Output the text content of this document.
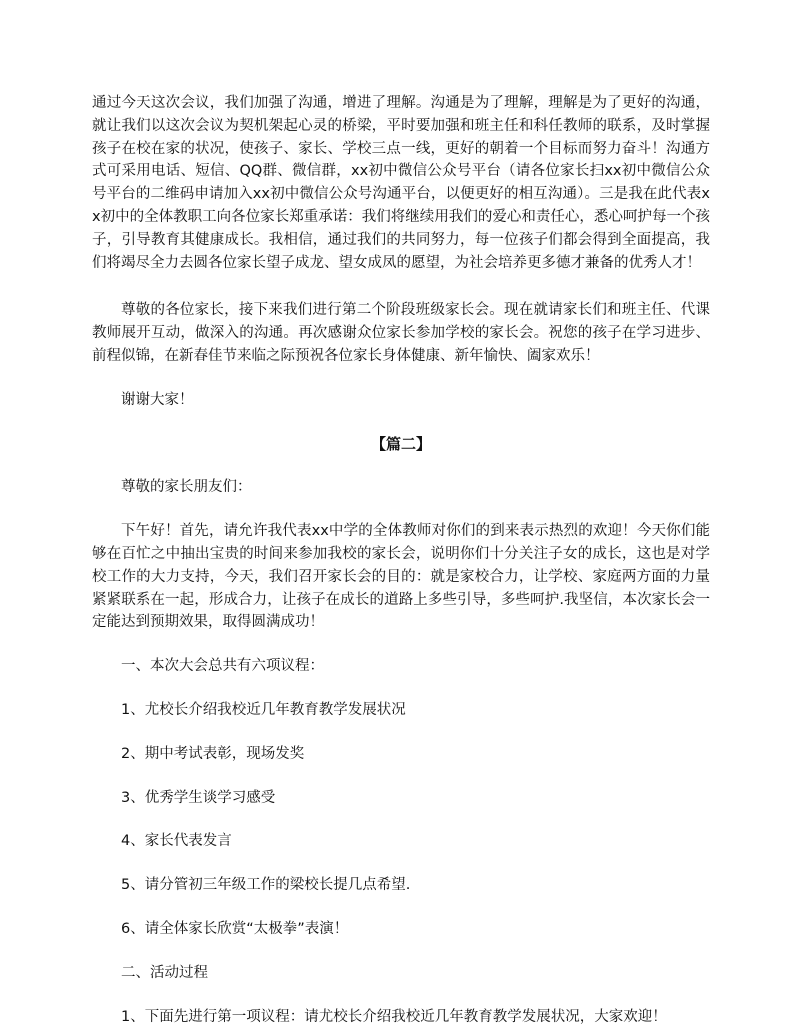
通过今天这次会议，我们加强了沟通，增进了理解。沟通是为了理解，理解是为了更好的沟通，就让我们以这次会议为契机架起心灵的桥梁，平时要加强和班主任和科任教师的联系，及时掌握孩子在校在家的状况，使孩子、家长、学校三点一线，更好的朝着一个目标而努力奋斗！沟通方式可采用电话、短信、QQ群、微信群，xx初中微信公众号平台（请各位家长扫xx初中微信公众号平台的二维码申请加入xx初中微信公众号沟通平台，以便更好的相互沟通）。三是我在此代表xx初中的全体教职工向各位家长郑重承诺：我们将继续用我们的爱心和责任心，悉心呵护每一个孩子，引导教育其健康成长。我相信，通过我们的共同努力，每一位孩子们都会得到全面提高，我们将竭尽全力去圆各位家长望子成龙、望女成凤的愿望，为社会培养更多德才兼备的优秀人才！

尊敬的各位家长，接下来我们进行第二个阶段班级家长会。现在就请家长们和班主任、代课教师展开互动，做深入的沟通。再次感谢众位家长参加学校的家长会。祝您的孩子在学习进步、前程似锦，在新春佳节来临之际预祝各位家长身体健康、新年愉快、阖家欢乐！

谢谢大家！

【篇二】

尊敬的家长朋友们：

下午好！首先，请允许我代表xx中学的全体教师对你们的到来表示热烈的欢迎！今天你们能够在百忙之中抽出宝贵的时间来参加我校的家长会，说明你们十分关注子女的成长，这也是对学校工作的大力支持，今天，我们召开家长会的目的：就是家校合力，让学校、家庭两方面的力量紧紧联系在一起，形成合力，让孩子在成长的道路上多些引导，多些呵护.我坚信，本次家长会一定能达到预期效果，取得圆满成功！

一、本次大会总共有六项议程：

1、尤校长介绍我校近几年教育教学发展状况

2、期中考试表彰，现场发奖

3、优秀学生谈学习感受

4、家长代表发言

5、请分管初三年级工作的梁校长提几点希望.

6、请全体家长欣赏“太极拳”表演！

二、活动过程

1、下面先进行第一项议程：请尤校长介绍我校近几年教育教学发展状况，大家欢迎！
